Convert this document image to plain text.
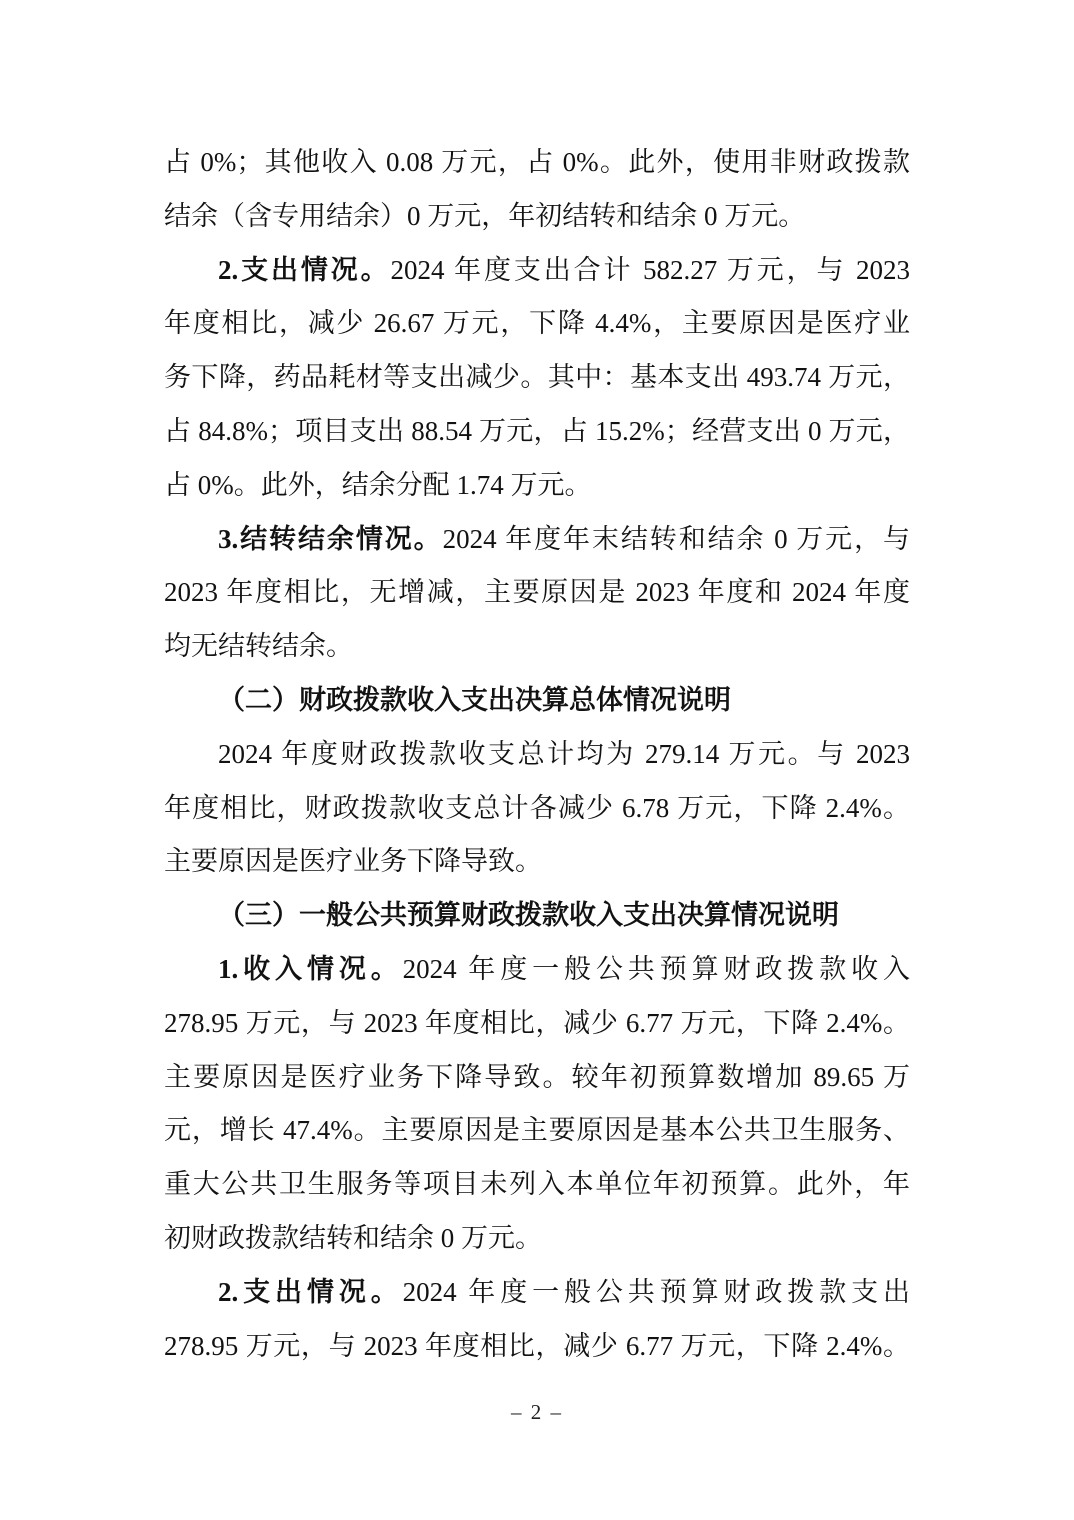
占 0%；其他收入 0.08 万元，占 0%。此外，使用非财政拨款
结余（含专用结余）0 万元，年初结转和结余 0 万元。
2.支出情况。2024 年度支出合计 582.27 万元，与 2023
年度相比，减少 26.67 万元，下降 4.4%，主要原因是医疗业
务下降，药品耗材等支出减少。其中：基本支出 493.74 万元，
占 84.8%；项目支出 88.54 万元，占 15.2%；经营支出 0 万元，
占 0%。此外，结余分配 1.74 万元。
3.结转结余情况。2024 年度年末结转和结余 0 万元，与
2023 年度相比，无增减，主要原因是 2023 年度和 2024 年度
均无结转结余。
（二）财政拨款收入支出决算总体情况说明
2024 年度财政拨款收支总计均为 279.14 万元。与 2023
年度相比，财政拨款收支总计各减少 6.78 万元，下降 2.4%。
主要原因是医疗业务下降导致。
（三）一般公共预算财政拨款收入支出决算情况说明
1.收入情况。2024 年度一般公共预算财政拨款收入
278.95 万元，与 2023 年度相比，减少 6.77 万元，下降 2.4%。
主要原因是医疗业务下降导致。较年初预算数增加 89.65 万
元，增长 47.4%。主要原因是主要原因是基本公共卫生服务、
重大公共卫生服务等项目未列入本单位年初预算。此外，年
初财政拨款结转和结余 0 万元。
2.支出情况。2024 年度一般公共预算财政拨款支出
278.95 万元，与 2023 年度相比，减少 6.77 万元，下降 2.4%。
– 2 –
